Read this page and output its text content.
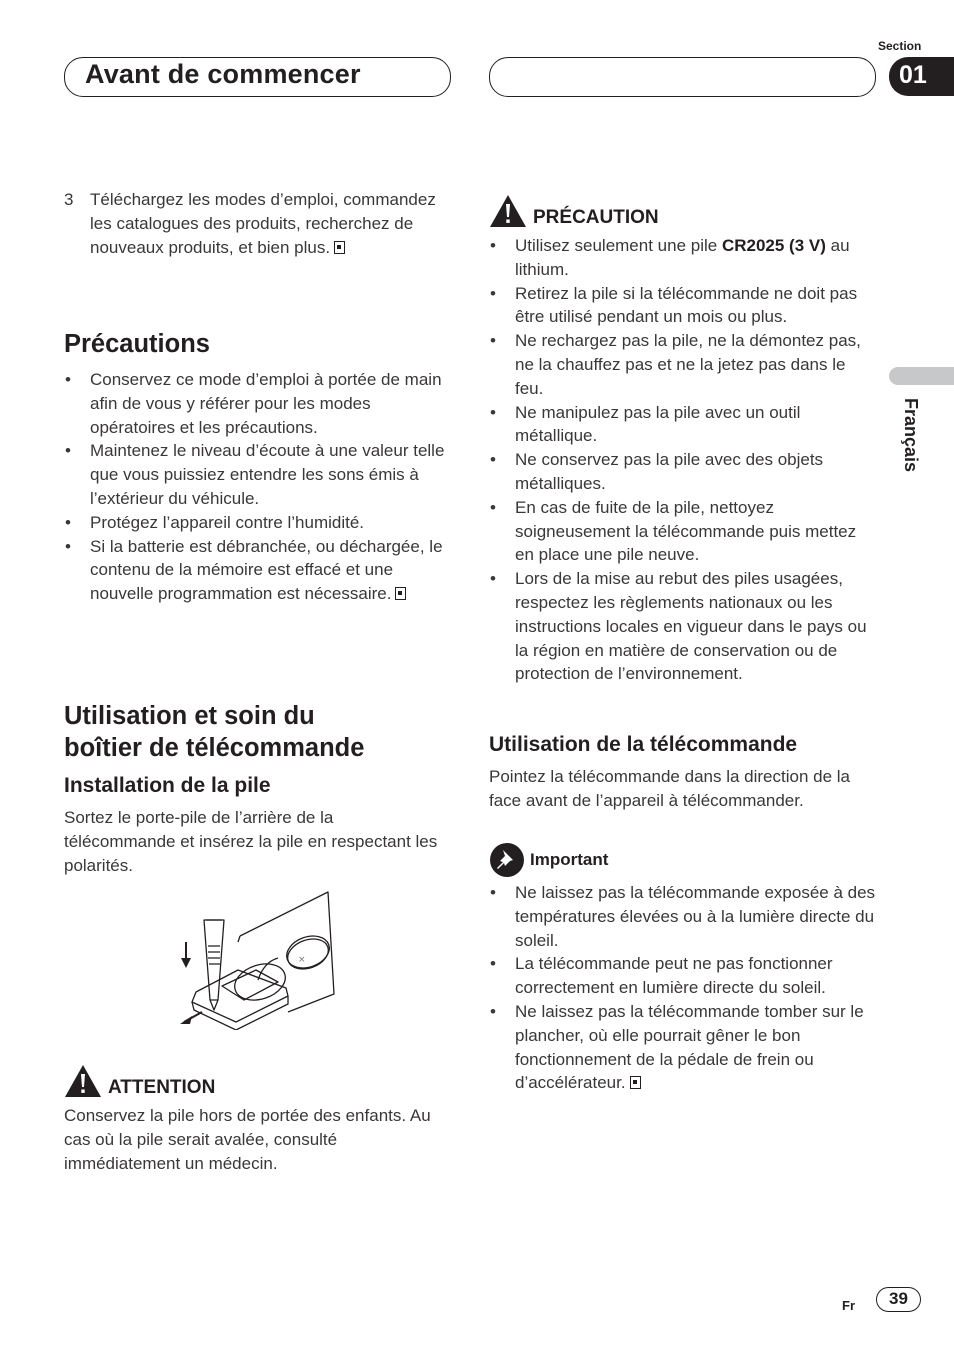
Avant de commencer
Section
01
Français
3 Téléchargez les modes d’emploi, commandez les catalogues des produits, recherchez de nouveaux produits, et bien plus.
Précautions
• Conservez ce mode d’emploi à portée de main afin de vous y référer pour les modes opératoires et les précautions.
• Maintenez le niveau d’écoute à une valeur telle que vous puissiez entendre les sons émis à l’extérieur du véhicule.
• Protégez l’appareil contre l’humidité.
• Si la batterie est débranchée, ou déchargée, le contenu de la mémoire est effacé et une nouvelle programmation est nécessaire.
Utilisation et soin du
boîtier de télécommande
Installation de la pile
Sortez le porte-pile de l’arrière de la télécommande et insérez la pile en respectant les polarités.
×
ATTENTION
Conservez la pile hors de portée des enfants. Au cas où la pile serait avalée, consulté immédiatement un médecin.
PRÉCAUTION
• Utilisez seulement une pile CR2025 (3 V) au lithium.
• Retirez la pile si la télécommande ne doit pas être utilisé pendant un mois ou plus.
• Ne rechargez pas la pile, ne la démontez pas, ne la chauffez pas et ne la jetez pas dans le feu.
• Ne manipulez pas la pile avec un outil métallique.
• Ne conservez pas la pile avec des objets métalliques.
• En cas de fuite de la pile, nettoyez soigneusement la télécommande puis mettez en place une pile neuve.
• Lors de la mise au rebut des piles usagées, respectez les règlements nationaux ou les instructions locales en vigueur dans le pays ou la région en matière de conservation ou de protection de l’environnement.
Utilisation de la télécommande
Pointez la télécommande dans la direction de la face avant de l’appareil à télécommander.
Important
• Ne laissez pas la télécommande exposée à des températures élevées ou à la lumière directe du soleil.
• La télécommande peut ne pas fonctionner correctement en lumière directe du soleil.
• Ne laissez pas la télécommande tomber sur le plancher, où elle pourrait gêner le bon fonctionnement de la pédale de frein ou d’accélérateur.
Fr	39
